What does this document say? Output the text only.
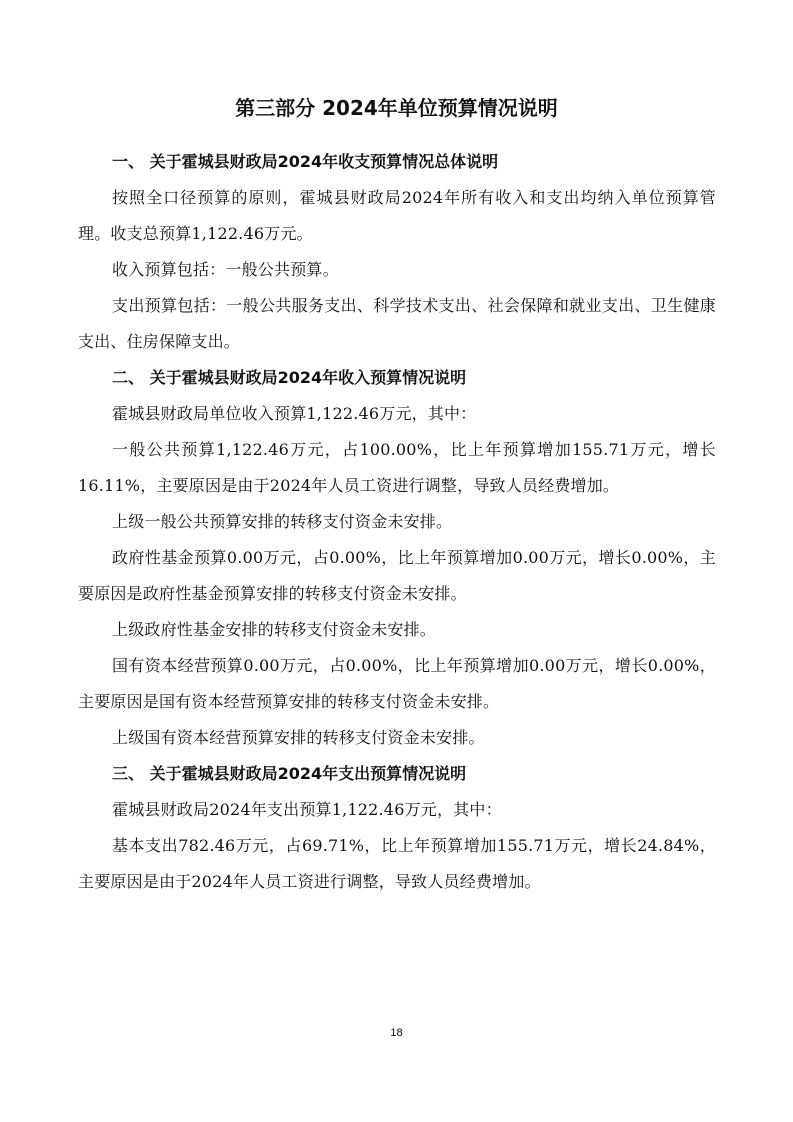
第三部分 2024年单位预算情况说明
一、 关于霍城县财政局2024年收支预算情况总体说明

按照全口径预算的原则，霍城县财政局2024年所有收入和支出均纳入单位预算管理。收支总预算1,122.46万元。

收入预算包括：一般公共预算。

支出预算包括：一般公共服务支出、科学技术支出、社会保障和就业支出、卫生健康支出、住房保障支出。

二、 关于霍城县财政局2024年收入预算情况说明

霍城县财政局单位收入预算1,122.46万元，其中：

一般公共预算1,122.46万元，占100.00%，比上年预算增加155.71万元，增长16.11%，主要原因是由于2024年人员工资进行调整，导致人员经费增加。

上级一般公共预算安排的转移支付资金未安排。

政府性基金预算0.00万元，占0.00%，比上年预算增加0.00万元，增长0.00%，主要原因是政府性基金预算安排的转移支付资金未安排。

上级政府性基金安排的转移支付资金未安排。

国有资本经营预算0.00万元，占0.00%，比上年预算增加0.00万元，增长0.00%，主要原因是国有资本经营预算安排的转移支付资金未安排。

上级国有资本经营预算安排的转移支付资金未安排。

三、 关于霍城县财政局2024年支出预算情况说明

霍城县财政局2024年支出预算1,122.46万元，其中：

基本支出782.46万元，占69.71%，比上年预算增加155.71万元，增长24.84%，主要原因是由于2024年人员工资进行调整，导致人员经费增加。

18
